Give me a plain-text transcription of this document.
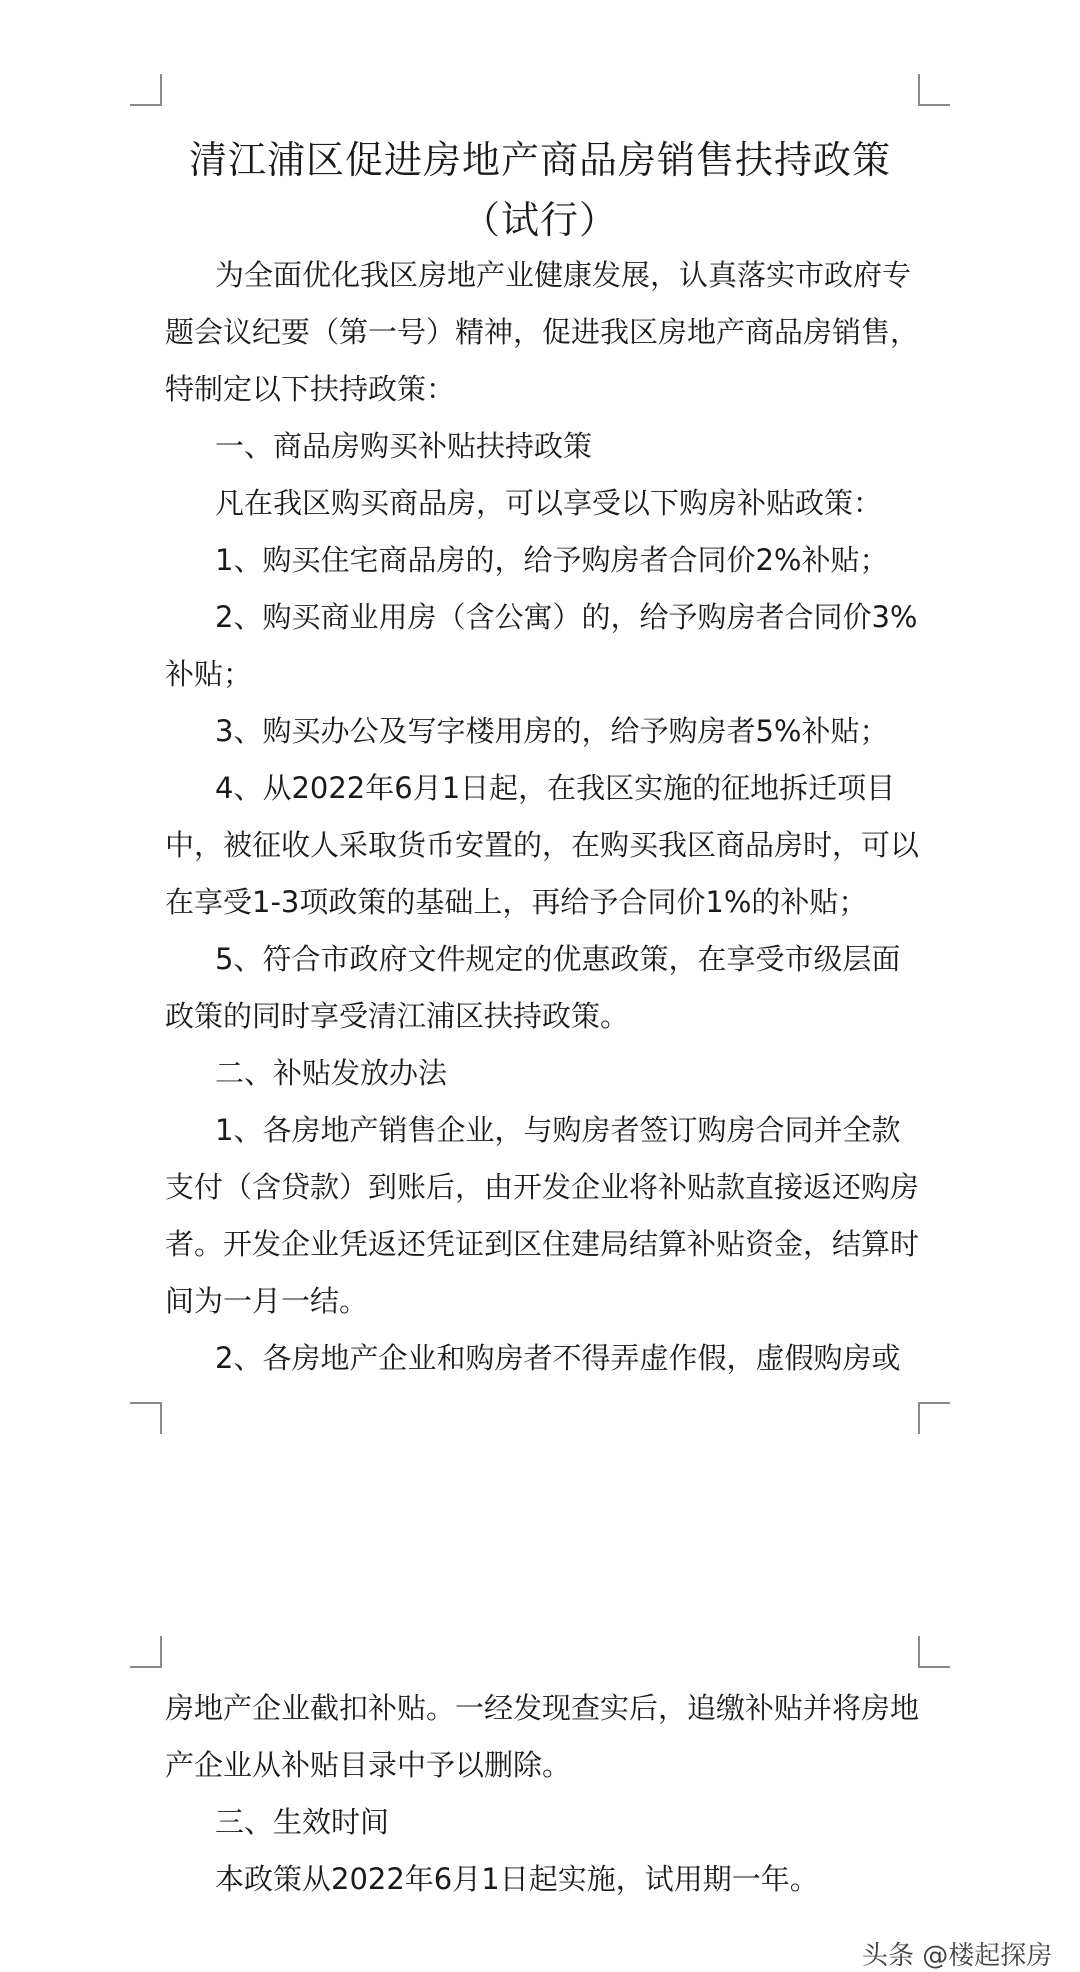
清江浦区促进房地产商品房销售扶持政策
（试行）

为全面优化我区房地产业健康发展，认真落实市政府专

题会议纪要（第一号）精神，促进我区房地产商品房销售，

特制定以下扶持政策：

一、商品房购买补贴扶持政策

凡在我区购买商品房，可以享受以下购房补贴政策：

1、购买住宅商品房的，给予购房者合同价2%补贴；

2、购买商业用房（含公寓）的，给予购房者合同价3%

补贴；

3、购买办公及写字楼用房的，给予购房者5%补贴；

4、从2022年6月1日起，在我区实施的征地拆迁项目

中，被征收人采取货币安置的，在购买我区商品房时，可以

在享受1-3项政策的基础上，再给予合同价1%的补贴；

5、符合市政府文件规定的优惠政策，在享受市级层面

政策的同时享受清江浦区扶持政策。

二、补贴发放办法

1、各房地产销售企业，与购房者签订购房合同并全款

支付（含贷款）到账后，由开发企业将补贴款直接返还购房

者。开发企业凭返还凭证到区住建局结算补贴资金，结算时

间为一月一结。

2、各房地产企业和购房者不得弄虚作假，虚假购房或

房地产企业截扣补贴。一经发现查实后，追缴补贴并将房地

产企业从补贴目录中予以删除。

三、生效时间

本政策从2022年6月1日起实施，试用期一年。

头条 @楼起探房
